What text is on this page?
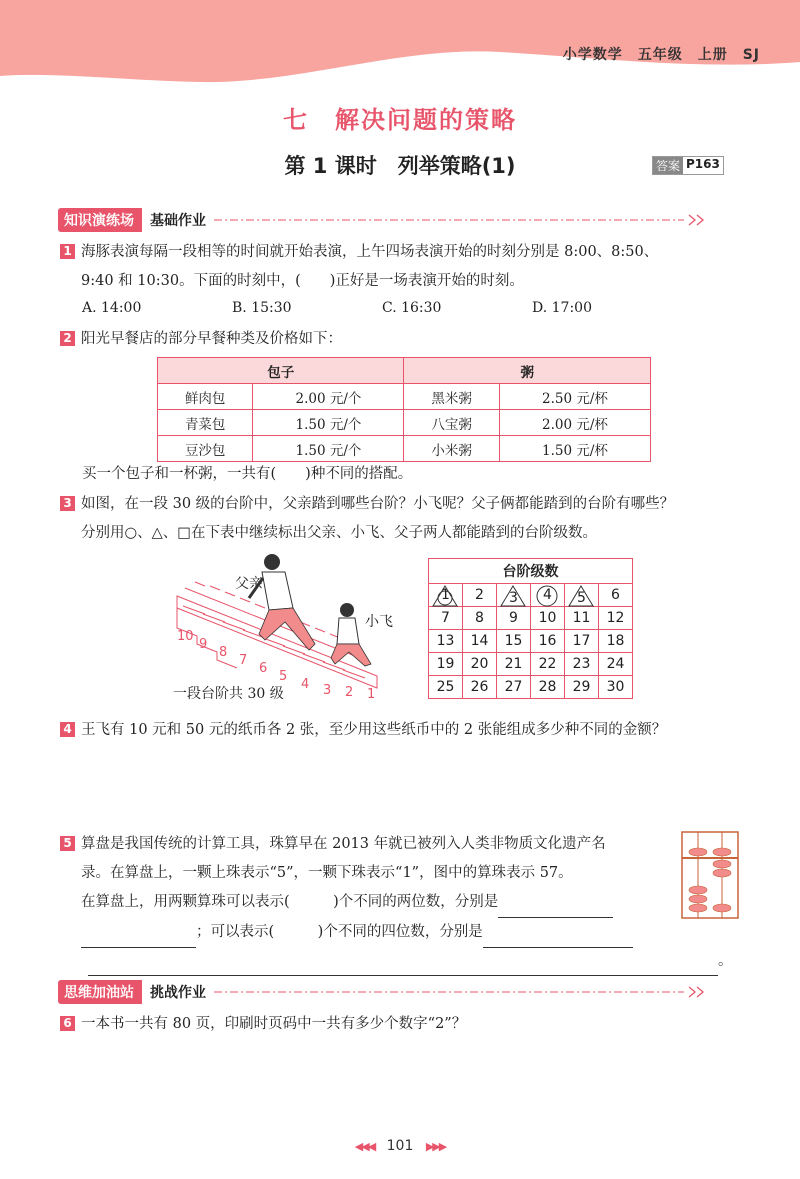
小学数学　五年级　上册　SJ
七　解决问题的策略
第 1 课时　列举策略(1)	答案 P163
知识演练场	基础作业
1 海豚表演每隔一段相等的时间就开始表演，上午四场表演开始的时刻分别是 8:00、8:50、
9:40 和 10:30。下面的时刻中，(　　)正好是一场表演开始的时刻。
A. 14:00	B. 15:30	C. 16:30	D. 17:00
2 阳光早餐店的部分早餐种类及价格如下：
包子		粥	
鲜肉包	2.00 元/个	黑米粥	2.50 元/杯
青菜包	1.50 元/个	八宝粥	2.00 元/杯
豆沙包	1.50 元/个	小米粥	1.50 元/杯
买一个包子和一杯粥，一共有(　　)种不同的搭配。
3 如图，在一段 30 级的台阶中，父亲踏到哪些台阶？小飞呢？父子俩都能踏到的台阶有哪些？
分别用○、△、□在下表中继续标出父亲、小飞、父子两人都能踏到的台阶级数。
父亲
小飞
10
9
8
7
6
5
4 3 2 1
一段台阶共 30 级
台阶级数					

1	2	3	4	5	6
7	8	9	10	11	12
13	14	15	16	17	18
19	20	21	22	23	24
25	26	27	28	29	30
4 王飞有 10 元和 50 元的纸币各 2 张，至少用这些纸币中的 2 张能组成多少种不同的金额？
5 算盘是我国传统的计算工具，珠算早在 2013 年就已被列入人类非物质文化遗产名
录。在算盘上，一颗上珠表示“5”，一颗下珠表示“1”，图中的算珠表示 57。
在算盘上，用两颗算珠可以表示(　　　)个不同的两位数，分别是
；可以表示(　　　)个不同的四位数，分别是

。
思维加油站	挑战作业
6 一本书一共有 80 页，印刷时页码中一共有多少个数字“2”？
◀◀◀ 101 ▶▶▶
